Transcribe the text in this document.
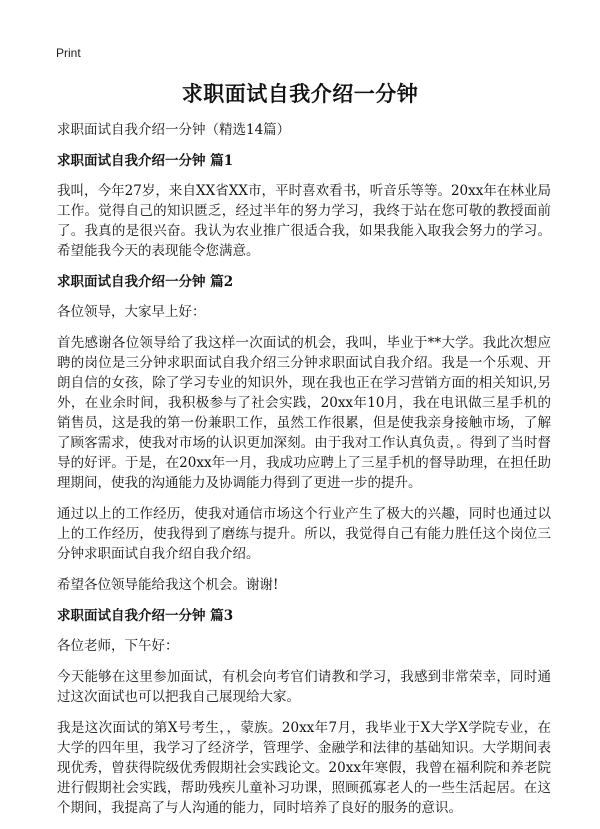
Print
求职面试自我介绍一分钟

求职面试自我介绍一分钟（精选14篇）

求职面试自我介绍一分钟 篇1

我叫，今年27岁，来自XX省XX市，平时喜欢看书，听音乐等等。20xx年在林业局工作。觉得自己的知识匮乏，经过半年的努力学习，我终于站在您可敬的教授面前了。我真的是很兴奋。我认为农业推广很适合我，如果我能入取我会努力的学习。希望能我今天的表现能令您满意。

求职面试自我介绍一分钟 篇2

各位领导，大家早上好：

首先感谢各位领导给了我这样一次面试的机会，我叫，毕业于**大学。我此次想应聘的岗位是三分钟求职面试自我介绍三分钟求职面试自我介绍。我是一个乐观、开朗自信的女孩，除了学习专业的知识外，现在我也正在学习营销方面的相关知识,另外，在业余时间，我积极参与了社会实践，20xx年10月，我在电讯做三星手机的销售员，这是我的第一份兼职工作，虽然工作很累，但是使我亲身接触市场，了解了顾客需求，使我对市场的认识更加深刻。由于我对工作认真负责，。得到了当时督导的好评。于是，在20xx年一月，我成功应聘上了三星手机的督导助理，在担任助理期间，使我的沟通能力及协调能力得到了更进一步的提升。

通过以上的工作经历，使我对通信市场这个行业产生了极大的兴趣，同时也通过以上的工作经历，使我得到了磨练与提升。所以，我觉得自己有能力胜任这个岗位三分钟求职面试自我介绍自我介绍。

希望各位领导能给我这个机会。谢谢!

求职面试自我介绍一分钟 篇3

各位老师，下午好：

今天能够在这里参加面试，有机会向考官们请教和学习，我感到非常荣幸，同时通过这次面试也可以把我自己展现给大家。

我是这次面试的第X号考生，，蒙族。20xx年7月，我毕业于X大学X学院专业，在大学的四年里，我学习了经济学，管理学、金融学和法律的基础知识。大学期间表现优秀，曾获得院级优秀假期社会实践论文。20xx年寒假，我曾在福利院和养老院进行假期社会实践，帮助残疾儿童补习功课，照顾孤寡老人的一些生活起居。在这个期间，我提高了与人沟通的能力，同时培养了良好的服务的意识。
